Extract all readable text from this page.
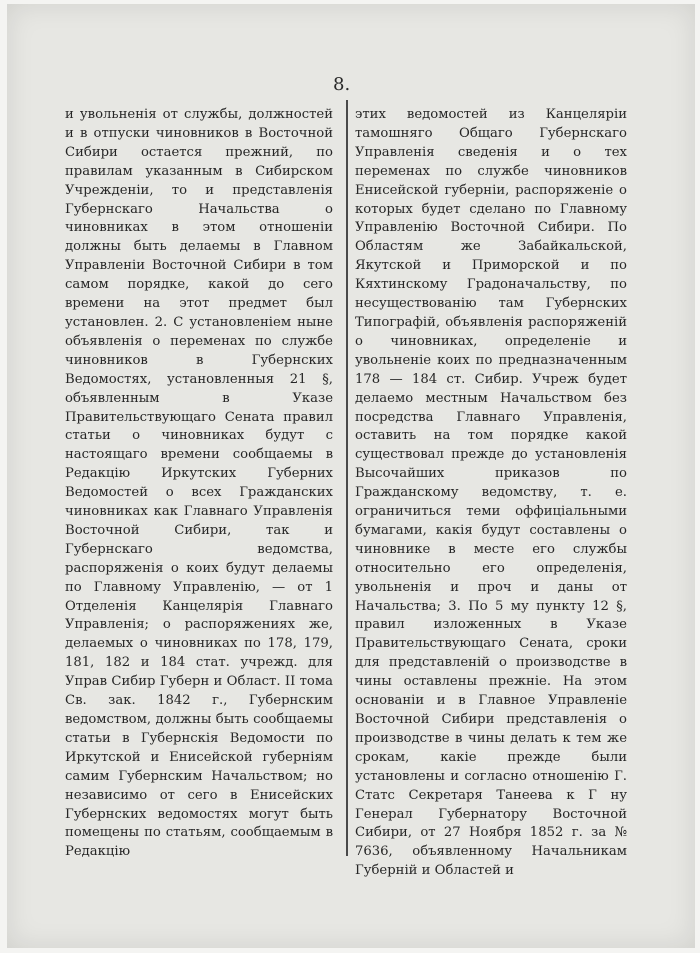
8.

и увольненія от службы, должностей и в отпуски чиновников в Восточной Сибири остается прежний, по правилам указанным в Сибирском Учрежденіи, то и представленія Губернскаго Начальства о чиновниках в этом отношеніи должны быть делаемы в Главном Управленіи Восточной Сибири в том самом порядке, какой до сего времени на этот предмет был установлен. 2. С установленіем ныне объявленія о переменах по службе чиновников в Губернских Ведомостях, установленныя 21 §, объявленным в Указе Правительствующаго Сената правил статьи о чиновниках будут с настоящаго времени сообщаемы в Редакцію Иркутских Губерних Ведомостей о всех Гражданских чиновниках как Главнаго Управленія Восточной Сибири, так и Губернскаго ведомства, распоряженія о коих будут делаемы по Главному Управленію, — от 1 Отделенія Канцелярія Главнаго Управленія; о распоряжениях же, делаемых о чиновниках по 178, 179, 181, 182 и 184 стат. учрежд. для Управ Сибир Губерн и Област. II тома Св. зак. 1842 г., Губернским ведомством, должны быть сообщаемы статьи в Губернскія Ведомости по Иркутской и Енисейской губерніям самим Губернским Начальством; но независимо от сего в Енисейских Губернских ведомостях могут быть помещены по статьям, сообщаемым в Редакцію

этих ведомостей из Канцеляріи тамошняго Общаго Губернскаго Управленія сведенія и о тех переменах по службе чиновников Енисейской губерніи, распоряженіе о которых будет сделано по Главному Управленію Восточной Сибири. По Областям же Забайкальской, Якутской и Приморской и по Кяхтинскому Градоначальству, по несуществованію там Губернских Типографій, объявленія распоряженій о чиновниках, определеніе и увольненіе коих по предназначенным 178 — 184 ст. Сибир. Учреж будет делаемо местным Начальством без посредства Главнаго Управленія, оставить на том порядке какой существовал прежде до установленія Высочайших приказов по Гражданскому ведомству, т. е. ограничиться теми оффиціальными бумагами, какія будут составлены о чиновнике в месте его службы относительно его определенія, увольненія и проч и даны от Начальства; 3. По 5 му пункту 12 §, правил изложенных в Указе Правительствующаго Сената, сроки для представленій о производстве в чины оставлены прежніе. На этом основаніи и в Главное Управленіе Восточной Сибири представленія о производстве в чины делать к тем же срокам, какіе прежде были установлены и согласно отношенію Г. Статс Секретаря Танеева к Г ну Генерал Губернатору Восточной Сибири, от 27 Ноября 1852 г. за № 7636, объявленному Начальникам Губерній и Областей и
